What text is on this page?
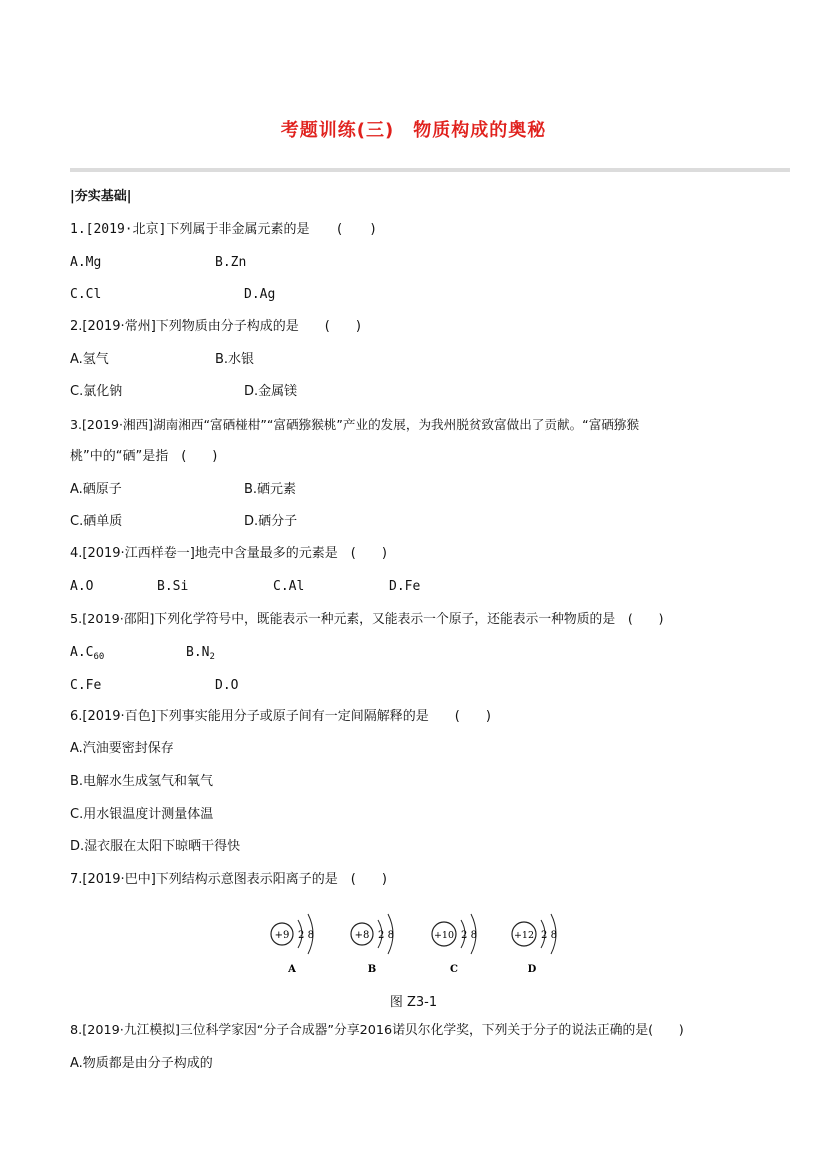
考题训练(三)　物质构成的奥秘
|夯实基础|
1.[2019·北京]下列属于非金属元素的是　　(　　)
A.Mg	B.Zn
C.Cl	D.Ag
2.[2019·常州]下列物质由分子构成的是　　(　　)
A.氢气	B.水银
C.氯化钠	D.金属镁
3.[2019·湘西]湖南湘西“富硒椪柑”“富硒猕猴桃”产业的发展，为我州脱贫致富做出了贡献。“富硒猕猴
桃”中的“硒”是指　(　　)
A.硒原子	B.硒元素
C.硒单质	D.硒分子
4.[2019·江西样卷一]地壳中含量最多的元素是　(　　)
A.O	B.Si	C.Al	D.Fe
5.[2019·邵阳]下列化学符号中，既能表示一种元素，又能表示一个原子，还能表示一种物质的是　(　　)
$A.C_{60}$	$B.N_2$
C.Fe	D.O
6.[2019·百色]下列事实能用分子或原子间有一定间隔解释的是　　(　　)
A.汽油要密封保存
B.电解水生成氢气和氧气
C.用水银温度计测量体温
D.湿衣服在太阳下晾晒干得快
7.[2019·巴中]下列结构示意图表示阳离子的是　(　　)
+9 2 8
A
+8 2 8
B
+10 2 8
C
+12 2 8
D
图 Z3-1
8.[2019·九江模拟]三位科学家因“分子合成器”分享2016诺贝尔化学奖，下列关于分子的说法正确的是(　　)
A.物质都是由分子构成的
